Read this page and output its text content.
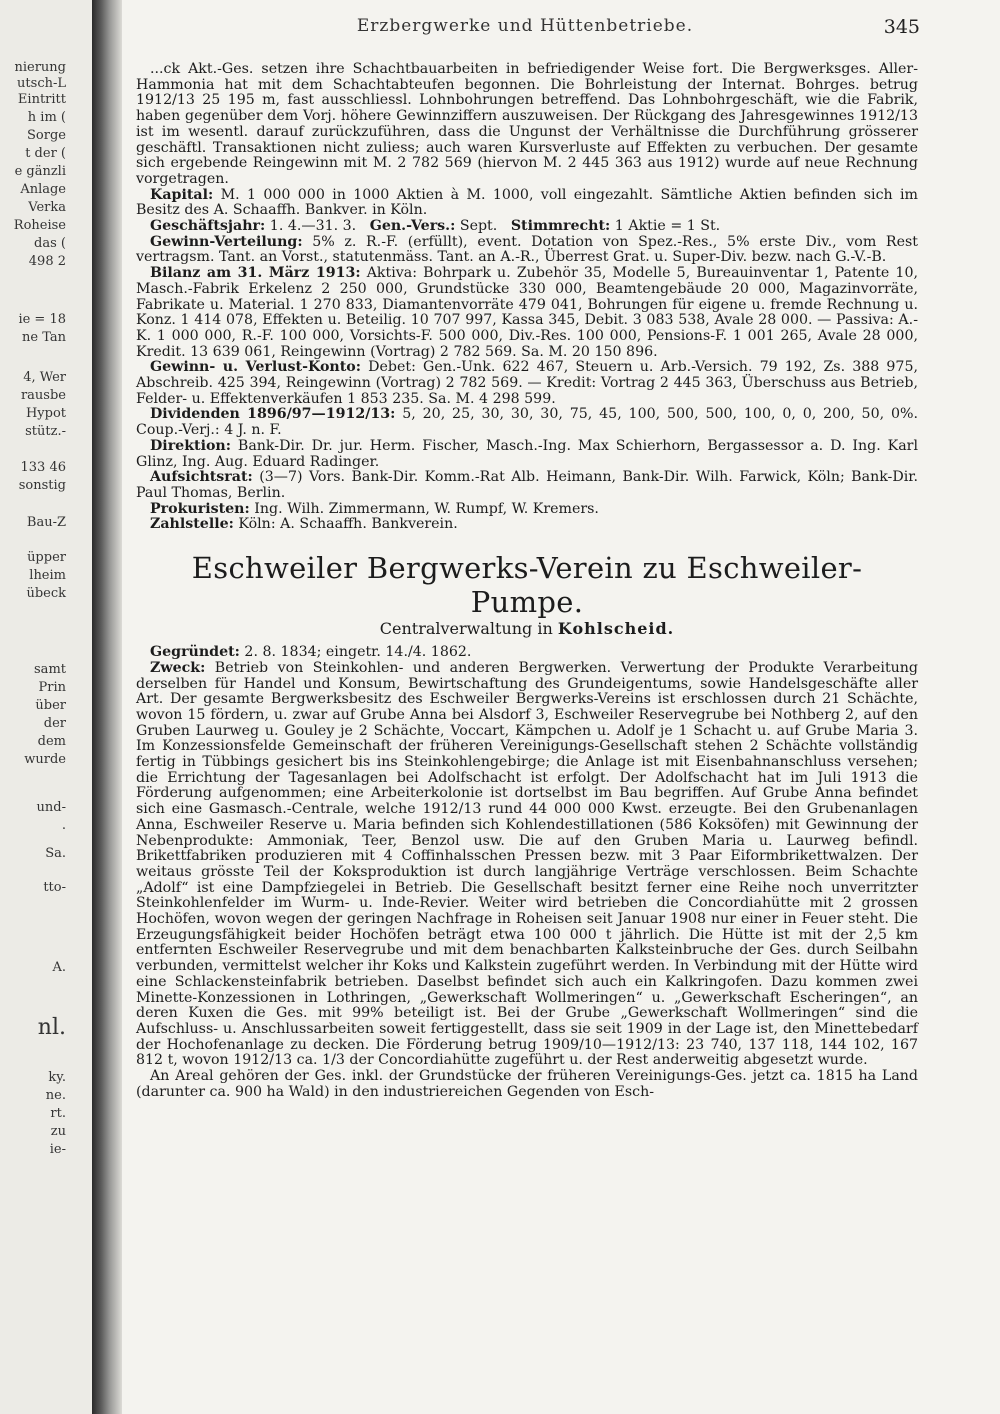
nierung
utsch-L
Eintritt
h im (
Sorge
t der (
e gänzli
Anlage
Verka
Roheise
das (
498 2
ie = 18
ne Tan
4, Wer
rausbe
Hypot
stütz.-
133 46
sonstig
Bau-Z
üpper
lheim
übeck
samt
Prin
über
der
dem
wurde
und-
.
Sa.
tto-
A.
nl.
ky.
ne.
rt.
zu
ie-
Erzbergwerke und Hüttenbetriebe.	345

...ck Akt.-Ges. setzen ihre Schachtbauarbeiten in befriedigender Weise fort. Die Bergwerksges. Aller-Hammonia hat mit dem Schachtabteufen begonnen. Die Bohrleistung der Internat. Bohrges. betrug 1912/13 25 195 m, fast ausschliessl. Lohnbohrungen betreffend. Das Lohnbohrgeschäft, wie die Fabrik, haben gegenüber dem Vorj. höhere Gewinnziffern auszuweisen. Der Rückgang des Jahresgewinnes 1912/13 ist im wesentl. darauf zurückzuführen, dass die Ungunst der Verhältnisse die Durchführung grösserer geschäftl. Transaktionen nicht zuliess; auch waren Kursverluste auf Effekten zu verbuchen. Der gesamte sich ergebende Reingewinn mit M. 2 782 569 (hiervon M. 2 445 363 aus 1912) wurde auf neue Rechnung vorgetragen.

Kapital: M. 1 000 000 in 1000 Aktien à M. 1000, voll eingezahlt. Sämtliche Aktien befinden sich im Besitz des A. Schaaffh. Bankver. in Köln.

Geschäftsjahr: 1. 4.—31. 3. Gen.-Vers.: Sept. Stimmrecht: 1 Aktie = 1 St.

Gewinn-Verteilung: 5% z. R.-F. (erfüllt), event. Dotation von Spez.-Res., 5% erste Div., vom Rest vertragsm. Tant. an Vorst., statutenmäss. Tant. an A.-R., Überrest Grat. u. Super-Div. bezw. nach G.-V.-B.

Bilanz am 31. März 1913: Aktiva: Bohrpark u. Zubehör 35, Modelle 5, Bureauinventar 1, Patente 10, Masch.-Fabrik Erkelenz 2 250 000, Grundstücke 330 000, Beamtengebäude 20 000, Magazinvorräte, Fabrikate u. Material. 1 270 833, Diamantenvorräte 479 041, Bohrungen für eigene u. fremde Rechnung u. Konz. 1 414 078, Effekten u. Beteilig. 10 707 997, Kassa 345, Debit. 3 083 538, Avale 28 000. — Passiva: A.-K. 1 000 000, R.-F. 100 000, Vorsichts-F. 500 000, Div.-Res. 100 000, Pensions-F. 1 001 265, Avale 28 000, Kredit. 13 639 061, Reingewinn (Vortrag) 2 782 569. Sa. M. 20 150 896.

Gewinn- u. Verlust-Konto: Debet: Gen.-Unk. 622 467, Steuern u. Arb.-Versich. 79 192, Zs. 388 975, Abschreib. 425 394, Reingewinn (Vortrag) 2 782 569. — Kredit: Vortrag 2 445 363, Überschuss aus Betrieb, Felder- u. Effektenverkäufen 1 853 235. Sa. M. 4 298 599.

Dividenden 1896/97—1912/13: 5, 20, 25, 30, 30, 30, 75, 45, 100, 500, 500, 100, 0, 0, 200, 50, 0%. Coup.-Verj.: 4 J. n. F.

Direktion: Bank-Dir. Dr. jur. Herm. Fischer, Masch.-Ing. Max Schierhorn, Bergassessor a. D. Ing. Karl Glinz, Ing. Aug. Eduard Radinger.

Aufsichtsrat: (3—7) Vors. Bank-Dir. Komm.-Rat Alb. Heimann, Bank-Dir. Wilh. Farwick, Köln; Bank-Dir. Paul Thomas, Berlin.

Prokuristen: Ing. Wilh. Zimmermann, W. Rumpf, W. Kremers.

Zahlstelle: Köln: A. Schaaffh. Bankverein.

Eschweiler Bergwerks-Verein zu Eschweiler-Pumpe.
Centralverwaltung in Kohlscheid.

Gegründet: 2. 8. 1834; eingetr. 14./4. 1862.

Zweck: Betrieb von Steinkohlen- und anderen Bergwerken. Verwertung der Produkte Verarbeitung derselben für Handel und Konsum, Bewirtschaftung des Grundeigentums, sowie Handelsgeschäfte aller Art. Der gesamte Bergwerksbesitz des Eschweiler Bergwerks-Vereins ist erschlossen durch 21 Schächte, wovon 15 fördern, u. zwar auf Grube Anna bei Alsdorf 3, Eschweiler Reservegrube bei Nothberg 2, auf den Gruben Laurweg u. Gouley je 2 Schächte, Voccart, Kämpchen u. Adolf je 1 Schacht u. auf Grube Maria 3. Im Konzessionsfelde Gemeinschaft der früheren Vereinigungs-Gesellschaft stehen 2 Schächte vollständig fertig in Tübbings gesichert bis ins Steinkohlengebirge; die Anlage ist mit Eisenbahnanschluss versehen; die Errichtung der Tagesanlagen bei Adolfschacht ist erfolgt. Der Adolfschacht hat im Juli 1913 die Förderung aufgenommen; eine Arbeiterkolonie ist dortselbst im Bau begriffen. Auf Grube Anna befindet sich eine Gasmasch.-Centrale, welche 1912/13 rund 44 000 000 Kwst. erzeugte. Bei den Grubenanlagen Anna, Eschweiler Reserve u. Maria befinden sich Kohlendestillationen (586 Koksöfen) mit Gewinnung der Nebenprodukte: Ammoniak, Teer, Benzol usw. Die auf den Gruben Maria u. Laurweg befindl. Brikettfabriken produzieren mit 4 Coffinhalsschen Pressen bezw. mit 3 Paar Eiformbrikettwalzen. Der weitaus grösste Teil der Koksproduktion ist durch langjährige Verträge verschlossen. Beim Schachte „Adolf“ ist eine Dampfziegelei in Betrieb. Die Gesellschaft besitzt ferner eine Reihe noch unverritzter Steinkohlenfelder im Wurm- u. Inde-Revier. Weiter wird betrieben die Concordiahütte mit 2 grossen Hochöfen, wovon wegen der geringen Nachfrage in Roheisen seit Januar 1908 nur einer in Feuer steht. Die Erzeugungsfähigkeit beider Hochöfen beträgt etwa 100 000 t jährlich. Die Hütte ist mit der 2,5 km entfernten Eschweiler Reservegrube und mit dem benachbarten Kalksteinbruche der Ges. durch Seilbahn verbunden, vermittelst welcher ihr Koks und Kalkstein zugeführt werden. In Verbindung mit der Hütte wird eine Schlackensteinfabrik betrieben. Daselbst befindet sich auch ein Kalkringofen. Dazu kommen zwei Minette-Konzessionen in Lothringen, „Gewerkschaft Wollmeringen“ u. „Gewerkschaft Escheringen“, an deren Kuxen die Ges. mit 99% beteiligt ist. Bei der Grube „Gewerkschaft Wollmeringen“ sind die Aufschluss- u. Anschlussarbeiten soweit fertiggestellt, dass sie seit 1909 in der Lage ist, den Minettebedarf der Hochofenanlage zu decken. Die Förderung betrug 1909/10—1912/13: 23 740, 137 118, 144 102, 167 812 t, wovon 1912/13 ca. 1/3 der Concordiahütte zugeführt u. der Rest anderweitig abgesetzt wurde.

An Areal gehören der Ges. inkl. der Grundstücke der früheren Vereinigungs-Ges. jetzt ca. 1815 ha Land (darunter ca. 900 ha Wald) in den industriereichen Gegenden von Esch-
